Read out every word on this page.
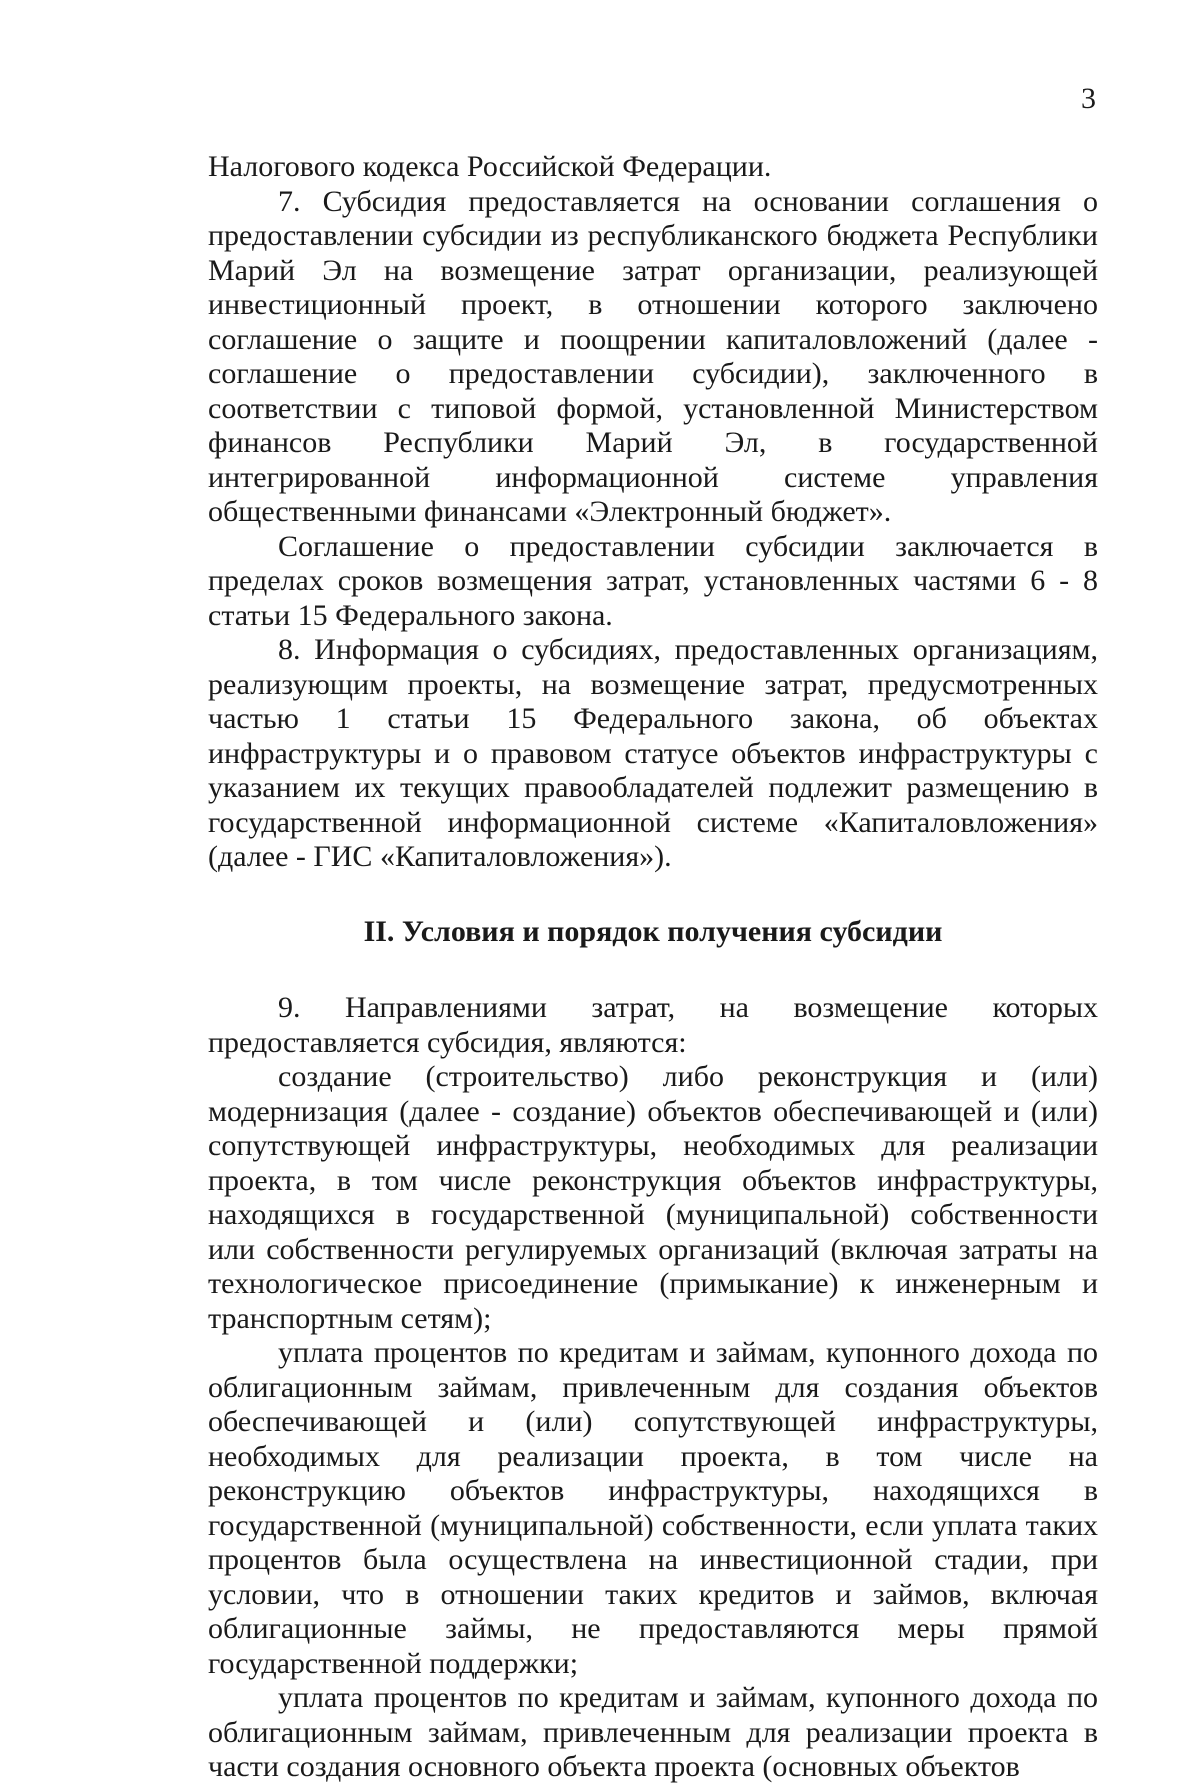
3

Налогового кодекса Российской Федерации.

7. Субсидия предоставляется на основании соглашения о предоставлении субсидии из республиканского бюджета Республики Марий Эл на возмещение затрат организации, реализующей инвестиционный проект, в отношении которого заключено соглашение о защите и поощрении капиталовложений (далее - соглашение о предоставлении субсидии), заключенного в соответствии с типовой формой, установленной Министерством финансов Республики Марий Эл, в государственной интегрированной информационной системе управления общественными финансами «Электронный бюджет».

Соглашение о предоставлении субсидии заключается в пределах сроков возмещения затрат, установленных частями 6 - 8 статьи 15 Федерального закона.

8. Информация о субсидиях, предоставленных организациям, реализующим проекты, на возмещение затрат, предусмотренных частью 1 статьи 15 Федерального закона, об объектах инфраструктуры и о правовом статусе объектов инфраструктуры с указанием их текущих правообладателей подлежит размещению в государственной информационной системе «Капиталовложения» (далее - ГИС «Капиталовложения»).

II. Условия и порядок получения субсидии

9. Направлениями затрат, на возмещение которых предоставляется субсидия, являются:

создание (строительство) либо реконструкция и (или) модернизация (далее - создание) объектов обеспечивающей и (или) сопутствующей инфраструктуры, необходимых для реализации проекта, в том числе реконструкция объектов инфраструктуры, находящихся в государственной (муниципальной) собственности или собственности регулируемых организаций (включая затраты на технологическое присоединение (примыкание) к инженерным и транспортным сетям);

уплата процентов по кредитам и займам, купонного дохода по облигационным займам, привлеченным для создания объектов обеспечивающей и (или) сопутствующей инфраструктуры, необходимых для реализации проекта, в том числе на реконструкцию объектов инфраструктуры, находящихся в государственной (муниципальной) собственности, если уплата таких процентов была осуществлена на инвестиционной стадии, при условии, что в отношении таких кредитов и займов, включая облигационные займы, не предоставляются меры прямой государственной поддержки;

уплата процентов по кредитам и займам, купонного дохода по облигационным займам, привлеченным для реализации проекта в части создания основного объекта проекта (основных объектов
